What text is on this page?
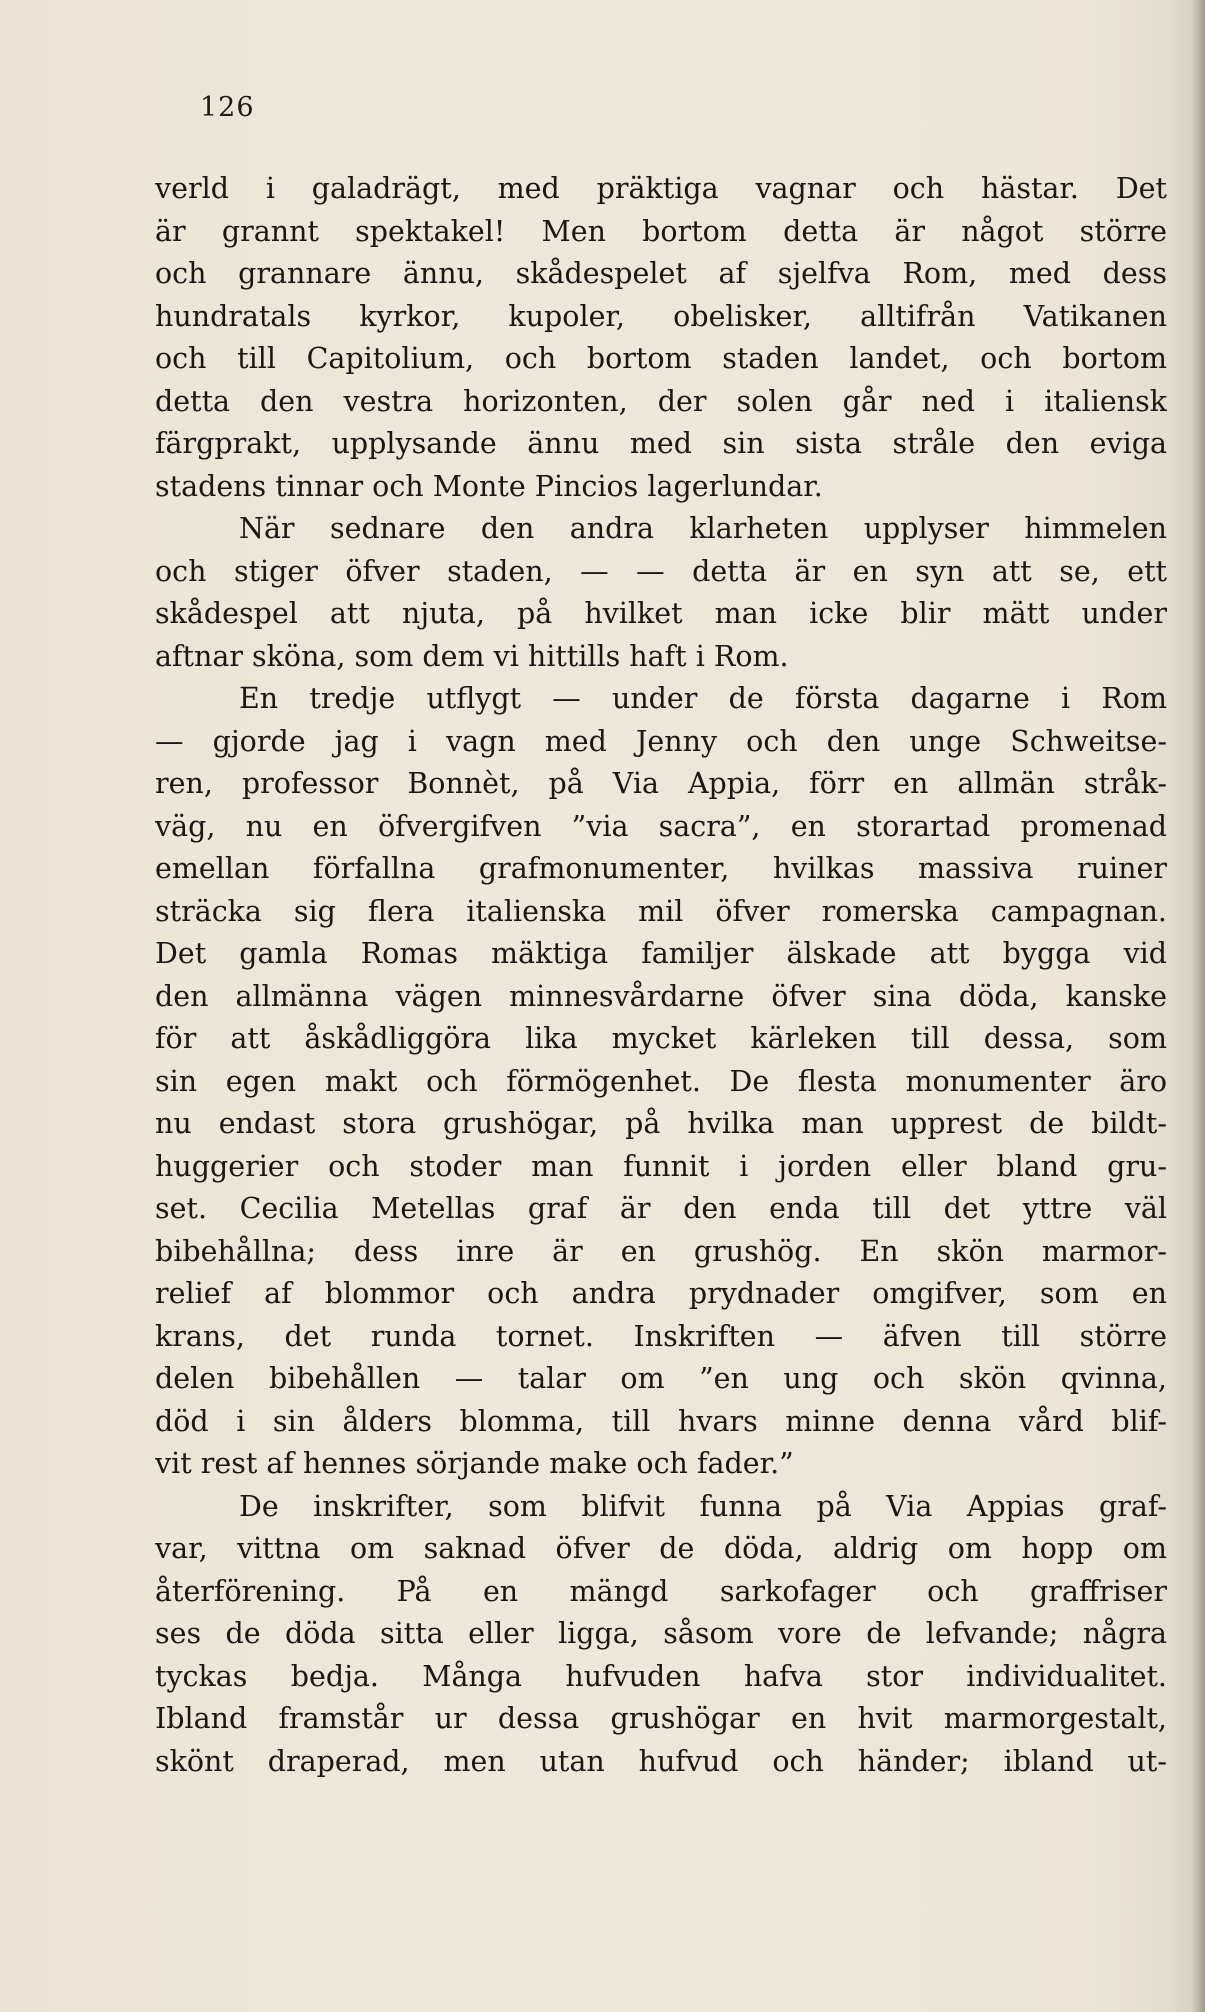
126
verld i galadrägt, med präktiga vagnar och hästar. Det
är grannt spektakel! Men bortom detta är något större
och grannare ännu, skådespelet af sjelfva Rom, med dess
hundratals kyrkor, kupoler, obelisker, alltifrån Vatikanen
och till Capitolium, och bortom staden landet, och bortom
detta den vestra horizonten, der solen går ned i italiensk
färgprakt, upplysande ännu med sin sista stråle den eviga
stadens tinnar och Monte Pincios lagerlundar.
När sednare den andra klarheten upplyser himmelen
och stiger öfver staden, — — detta är en syn att se, ett
skådespel att njuta, på hvilket man icke blir mätt under
aftnar sköna, som dem vi hittills haft i Rom.
En tredje utflygt — under de första dagarne i Rom
— gjorde jag i vagn med Jenny och den unge Schweitse-
ren, professor Bonnèt, på Via Appia, förr en allmän stråk-
väg, nu en öfvergifven ”via sacra”, en storartad promenad
emellan förfallna grafmonumenter, hvilkas massiva ruiner
sträcka sig flera italienska mil öfver romerska campagnan.
Det gamla Romas mäktiga familjer älskade att bygga vid
den allmänna vägen minnesvårdarne öfver sina döda, kanske
för att åskådliggöra lika mycket kärleken till dessa, som
sin egen makt och förmögenhet. De flesta monumenter äro
nu endast stora grushögar, på hvilka man upprest de bildt-
huggerier och stoder man funnit i jorden eller bland gru-
set. Cecilia Metellas graf är den enda till det yttre väl
bibehållna; dess inre är en grushög. En skön marmor-
relief af blommor och andra prydnader omgifver, som en
krans, det runda tornet. Inskriften — äfven till större
delen bibehållen — talar om ”en ung och skön qvinna,
död i sin ålders blomma, till hvars minne denna vård blif-
vit rest af hennes sörjande make och fader.”
De inskrifter, som blifvit funna på Via Appias graf-
var, vittna om saknad öfver de döda, aldrig om hopp om
återförening. På en mängd sarkofager och graffriser
ses de döda sitta eller ligga, såsom vore de lefvande; några
tyckas bedja. Många hufvuden hafva stor individualitet.
Ibland framstår ur dessa grushögar en hvit marmorgestalt,
skönt draperad, men utan hufvud och händer; ibland ut-
